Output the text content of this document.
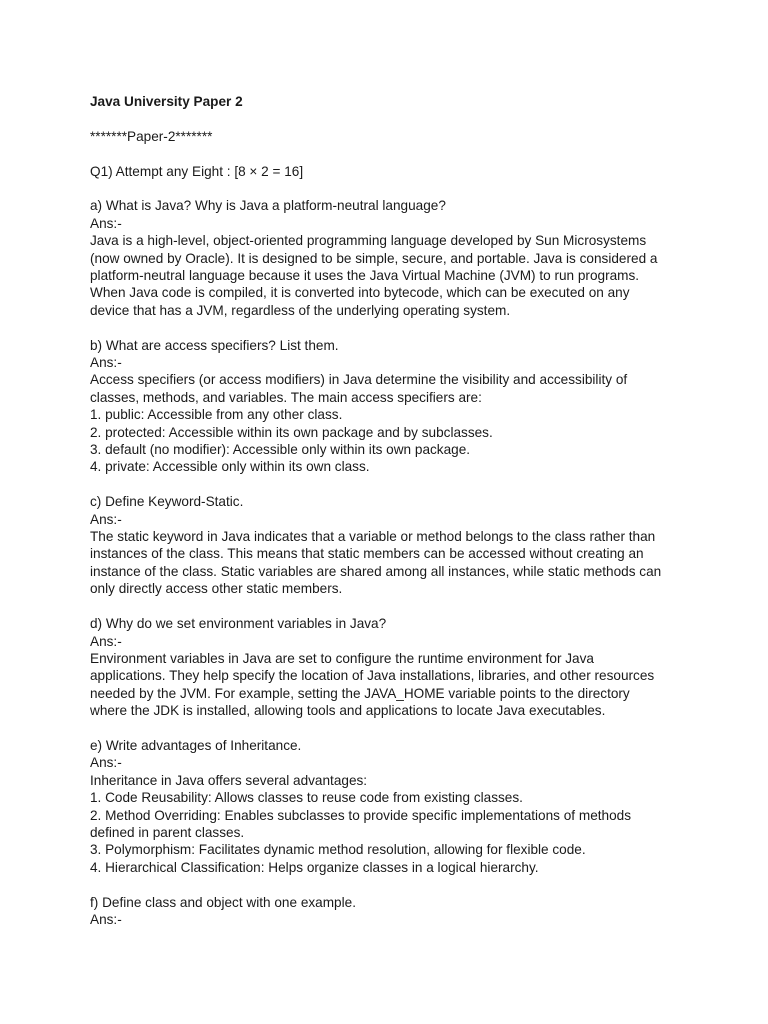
Java University Paper 2

*******Paper-2*******

Q1) Attempt any Eight : [8 × 2 = 16]

a) What is Java? Why is Java a platform-neutral language?

Ans:-

Java is a high-level, object-oriented programming language developed by Sun Microsystems

(now owned by Oracle). It is designed to be simple, secure, and portable. Java is considered a

platform-neutral language because it uses the Java Virtual Machine (JVM) to run programs.

When Java code is compiled, it is converted into bytecode, which can be executed on any

device that has a JVM, regardless of the underlying operating system.

b) What are access specifiers? List them.

Ans:-

Access specifiers (or access modifiers) in Java determine the visibility and accessibility of

classes, methods, and variables. The main access specifiers are:

1. public: Accessible from any other class.

2. protected: Accessible within its own package and by subclasses.

3. default (no modifier): Accessible only within its own package.

4. private: Accessible only within its own class.

c) Define Keyword-Static.

Ans:-

The static keyword in Java indicates that a variable or method belongs to the class rather than

instances of the class. This means that static members can be accessed without creating an

instance of the class. Static variables are shared among all instances, while static methods can

only directly access other static members.

d) Why do we set environment variables in Java?

Ans:-

Environment variables in Java are set to configure the runtime environment for Java

applications. They help specify the location of Java installations, libraries, and other resources

needed by the JVM. For example, setting the JAVA_HOME variable points to the directory

where the JDK is installed, allowing tools and applications to locate Java executables.

e) Write advantages of Inheritance.

Ans:-

Inheritance in Java offers several advantages:

1. Code Reusability: Allows classes to reuse code from existing classes.

2. Method Overriding: Enables subclasses to provide specific implementations of methods

defined in parent classes.

3. Polymorphism: Facilitates dynamic method resolution, allowing for flexible code.

4. Hierarchical Classification: Helps organize classes in a logical hierarchy.

f) Define class and object with one example.

Ans:-
